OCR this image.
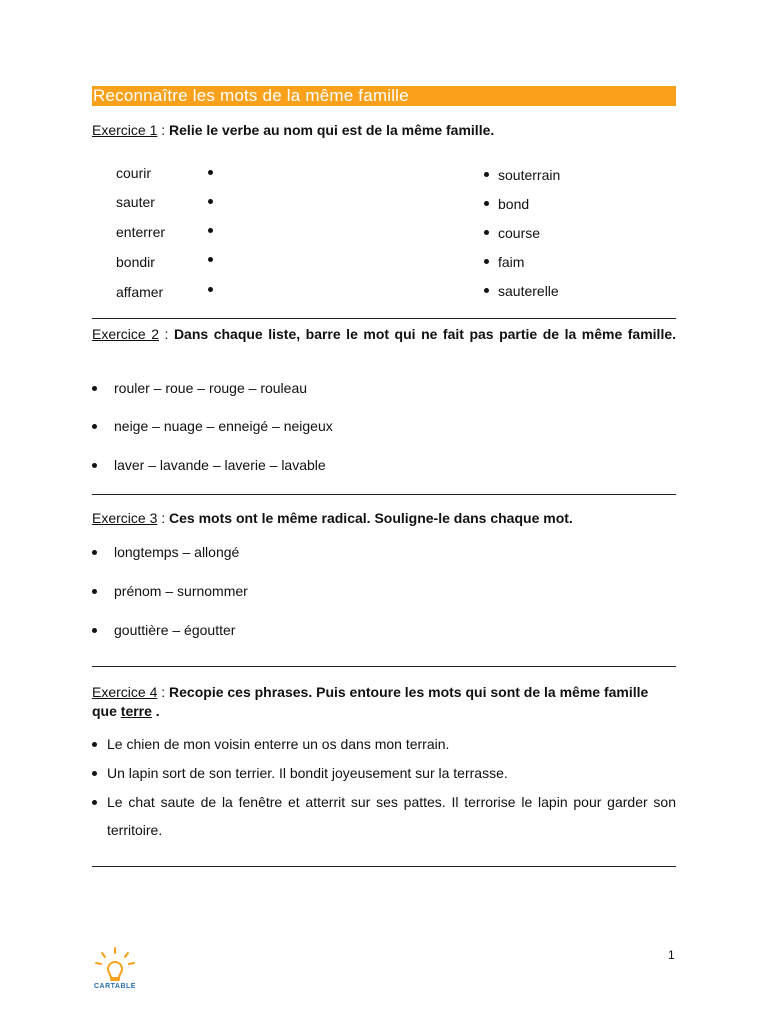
Reconnaître les mots de la même famille
Exercice 1 : Relie le verbe au nom qui est de la même famille.
courir
sauter
enterrer
bondir
affamer
souterrain
bond
course
faim
sauterelle
Exercice 2 : Dans chaque liste, barre le mot qui ne fait pas partie de la même famille.
rouler – roue – rouge – rouleau
neige – nuage – enneigé – neigeux
laver – lavande – laverie – lavable
Exercice 3 : Ces mots ont le même radical. Souligne-le dans chaque mot.
longtemps – allongé
prénom – surnommer
gouttière – égoutter
Exercice 4 : Recopie ces phrases. Puis entoure les mots qui sont de la même famille que terre .
Le chien de mon voisin enterre un os dans mon terrain.
Un lapin sort de son terrier. Il bondit joyeusement sur la terrasse.
Le chat saute de la fenêtre et atterrit sur ses pattes. Il terrorise le lapin pour garder son territoire.
CARTABLE
1
